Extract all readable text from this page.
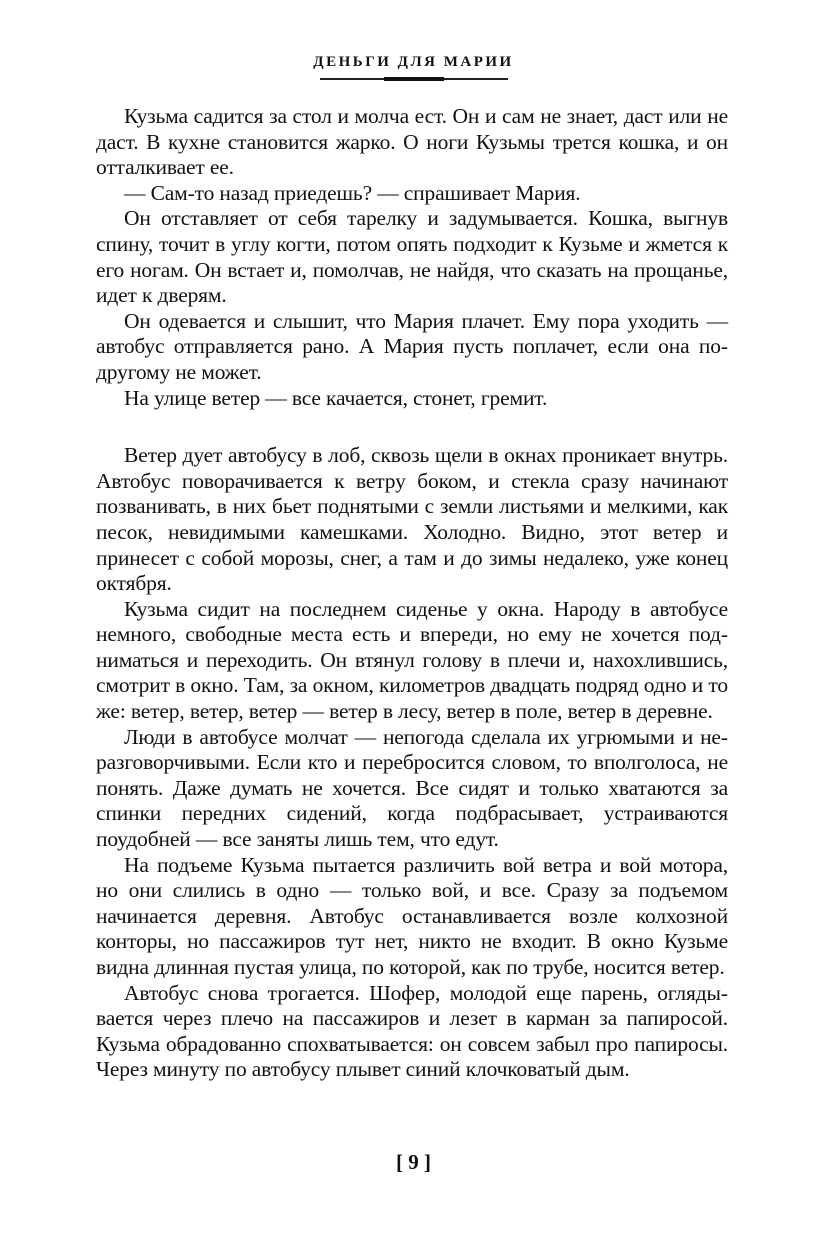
ДЕНЬГИ ДЛЯ МАРИИ

Кузьма садится за стол и молча ест. Он и сам не знает, даст или не даст. В кухне становится жарко. О ноги Кузьмы трется кошка, и он отталкивает ее.

— Сам-то назад приедешь? — спрашивает Мария.

Он отставляет от себя тарелку и задумывается. Кошка, выгнув спину, точит в углу когти, потом опять подходит к Кузьме и жмется к его ногам. Он встает и, помолчав, не найдя, что сказать на прощанье, идет к дверям.

Он одевается и слышит, что Мария плачет. Ему пора уходить — автобус отправляется рано. А Мария пусть поплачет, если она подругому не может.

На улице ветер — все качается, стонет, гремит.

Ветер дует автобусу в лоб, сквозь щели в окнах проникает внутрь. Автобус поворачивается к ветру боком, и стекла сразу начинают позванивать, в них бьет поднятыми с земли листьями и мелкими, как песок, невидимыми камешками. Холодно. Видно, этот ветер и принесет с собой морозы, снег, а там и до зимы недалеко, уже конец октября.

Кузьма сидит на последнем сиденье у окна. Народу в автобусе немного, свободные места есть и впереди, но ему не хочется подниматься и переходить. Он втянул голову в плечи и, нахохлившись, смотрит в окно. Там, за окном, километров двадцать подряд одно и то же: ветер, ветер, ветер — ветер в лесу, ветер в поле, ветер в деревне.

Люди в автобусе молчат — непогода сделала их угрюмыми и неразговорчивыми. Если кто и перебросится словом, то вполголоса, не понять. Даже думать не хочется. Все сидят и только хватаются за спинки передних сидений, когда подбрасывает, устраиваются поудобней — все заняты лишь тем, что едут.

На подъеме Кузьма пытается различить вой ветра и вой мотора, но они слились в одно — только вой, и все. Сразу за подъемом начинается деревня. Автобус останавливается возле колхозной конторы, но пассажиров тут нет, никто не входит. В окно Кузьме видна длинная пустая улица, по которой, как по трубе, носится ветер.

Автобус снова трогается. Шофер, молодой еще парень, оглядывается через плечо на пассажиров и лезет в карман за папиросой. Кузьма обрадованно спохватывается: он совсем забыл про папиросы. Через минуту по автобусу плывет синий клочковатый дым.

[ 9 ]
